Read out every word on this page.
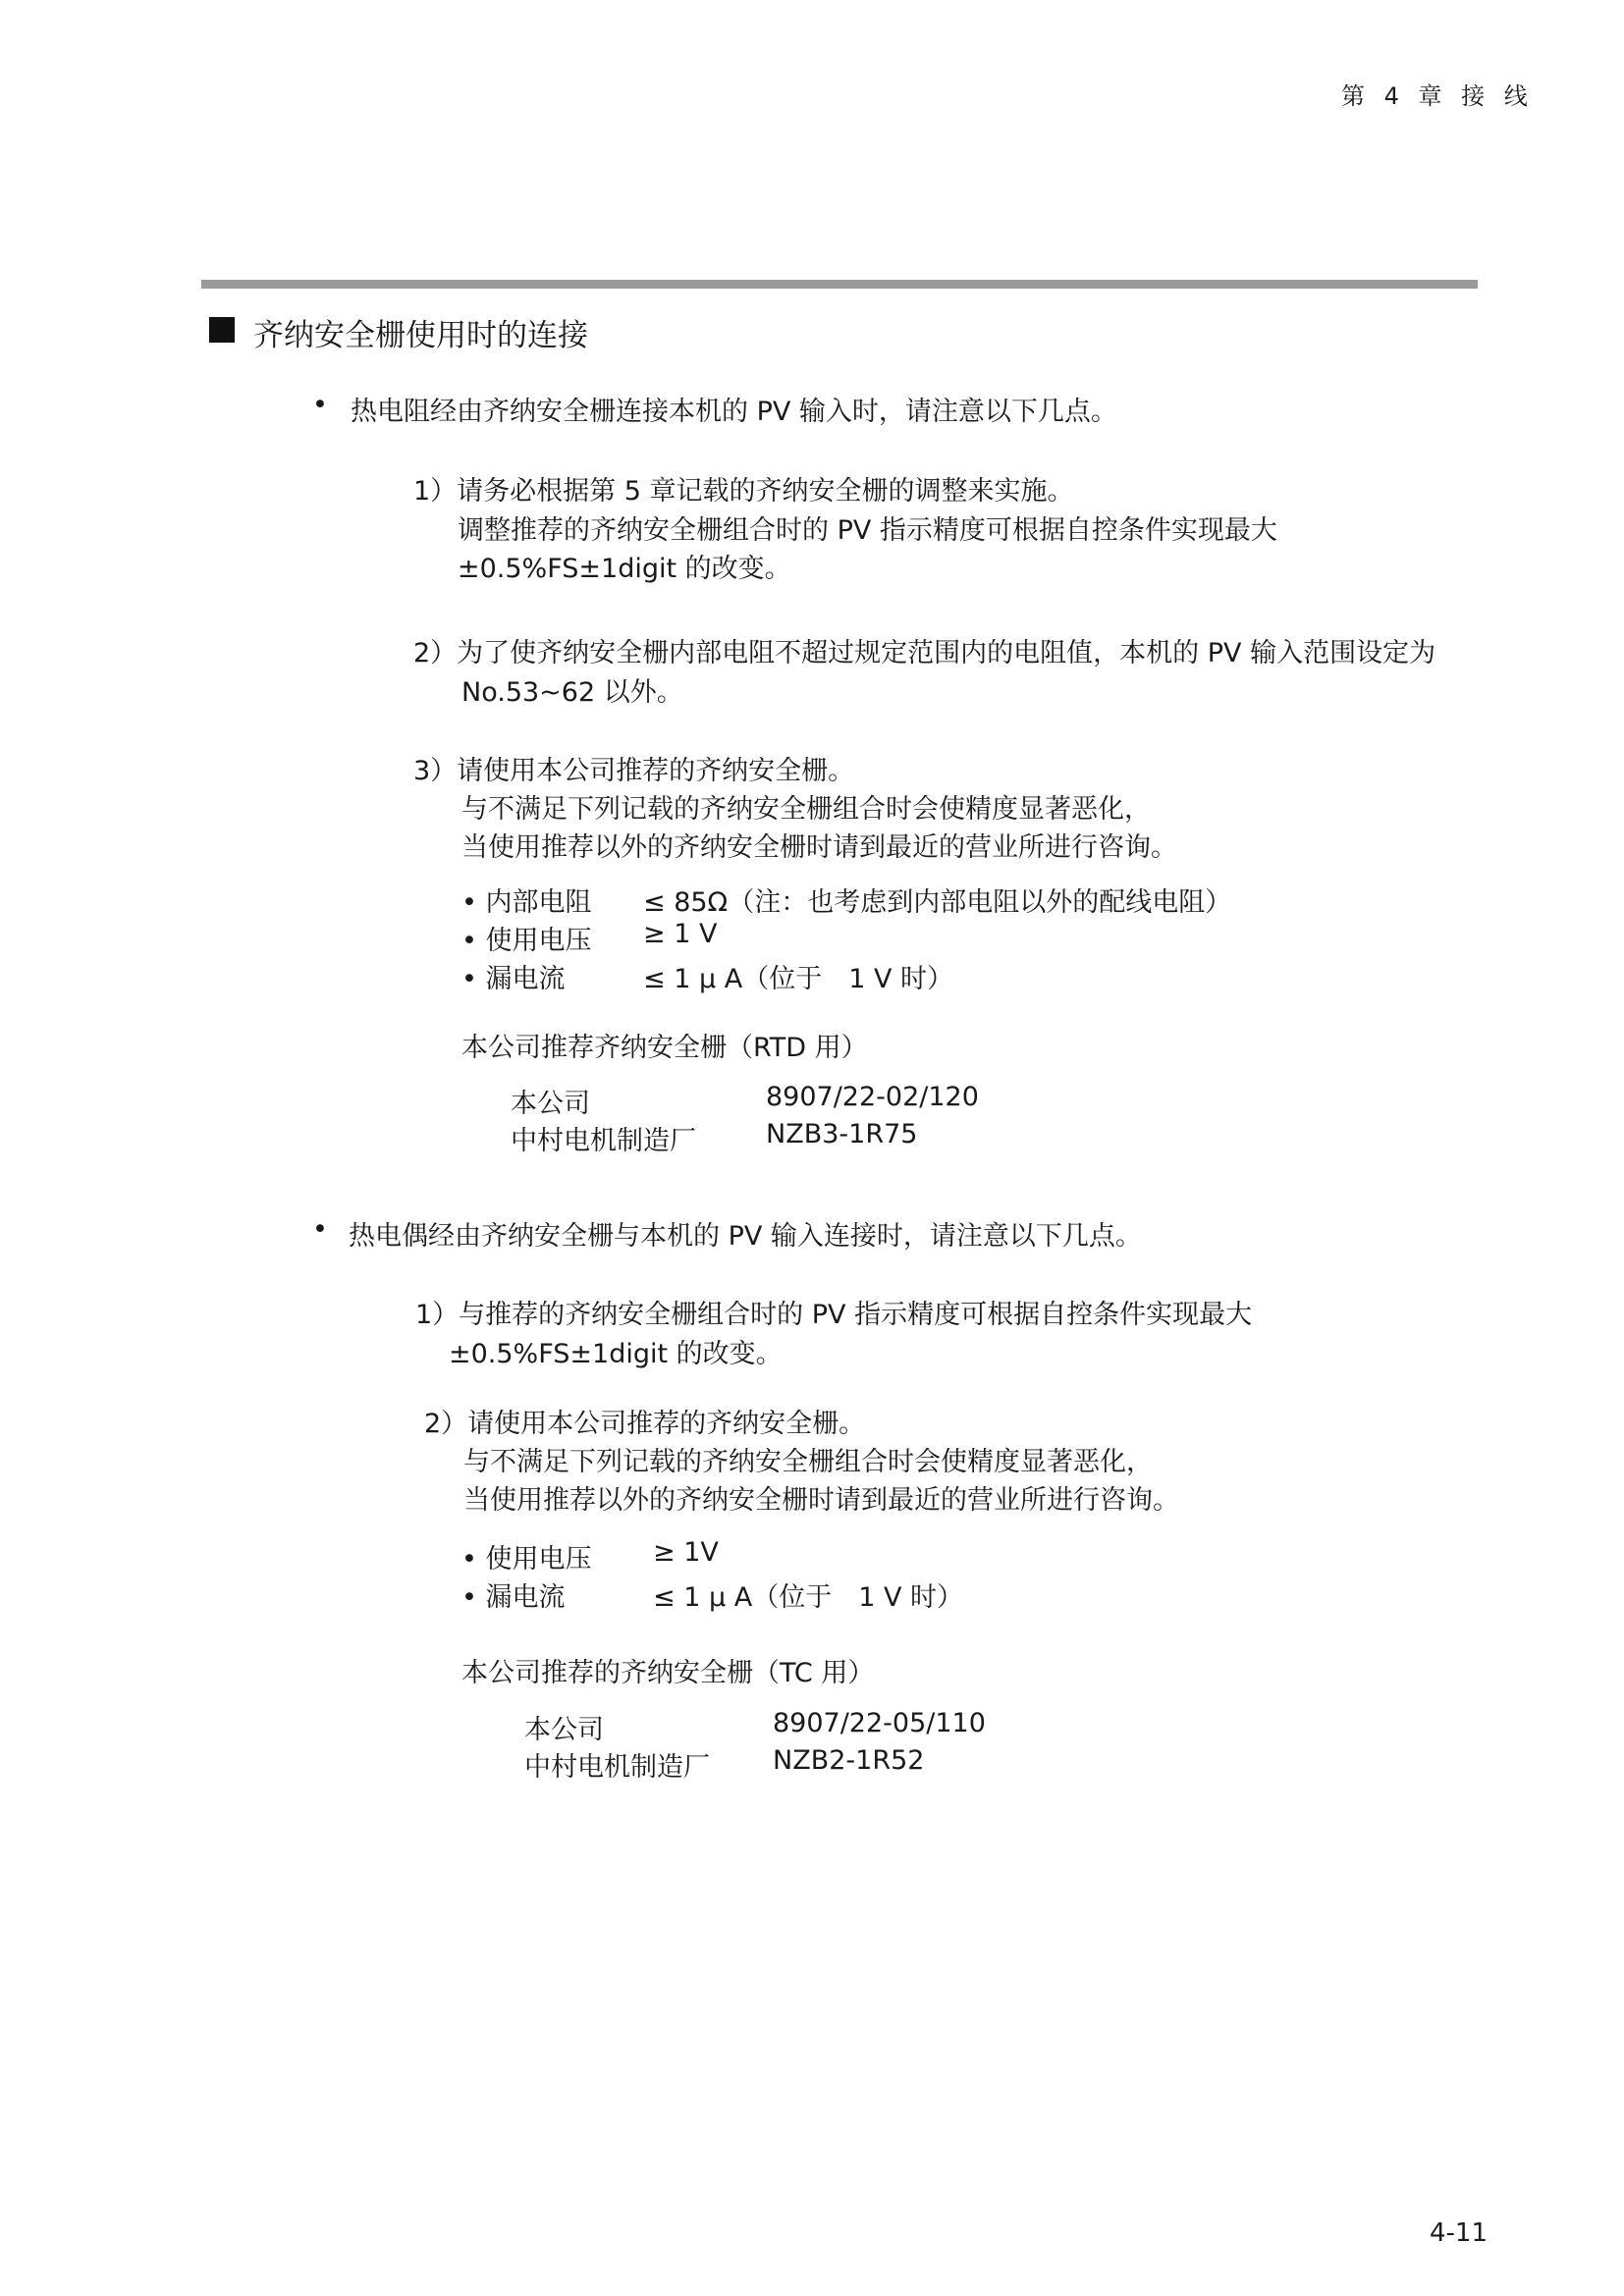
第 4 章 接 线
齐纳安全栅使用时的连接
• 热电阻经由齐纳安全栅连接本机的 PV 输入时，请注意以下几点。
1）请务必根据第 5 章记载的齐纳安全栅的调整来实施。
调整推荐的齐纳安全栅组合时的 PV 指示精度可根据自控条件实现最大
±0.5%FS±1digit 的改变。
2）为了使齐纳安全栅内部电阻不超过规定范围内的电阻值，本机的 PV 输入范围设定为
No.53~62 以外。
3）请使用本公司推荐的齐纳安全栅。
与不满足下列记载的齐纳安全栅组合时会使精度显著恶化，
当使用推荐以外的齐纳安全栅时请到最近的营业所进行咨询。
• 内部电阻 ≤ 85Ω（注：也考虑到内部电阻以外的配线电阻）
• 使用电压 ≥ 1 V
• 漏电流	≤ 1 μ A（位于　1 V 时）
本公司推荐齐纳安全栅（RTD 用）
本公司	8907/22-02/120
中村电机制造厂	NZB3-1R75
• 热电偶经由齐纳安全栅与本机的 PV 输入连接时，请注意以下几点。
1）与推荐的齐纳安全栅组合时的 PV 指示精度可根据自控条件实现最大
±0.5%FS±1digit 的改变。
2）请使用本公司推荐的齐纳安全栅。
与不满足下列记载的齐纳安全栅组合时会使精度显著恶化，
当使用推荐以外的齐纳安全栅时请到最近的营业所进行咨询。
• 使用电压 ≥ 1V
• 漏电流	≤ 1 μ A（位于　1 V 时）
本公司推荐的齐纳安全栅（TC 用）
本公司	8907/22-05/110
中村电机制造厂 NZB2-1R52
4-11
